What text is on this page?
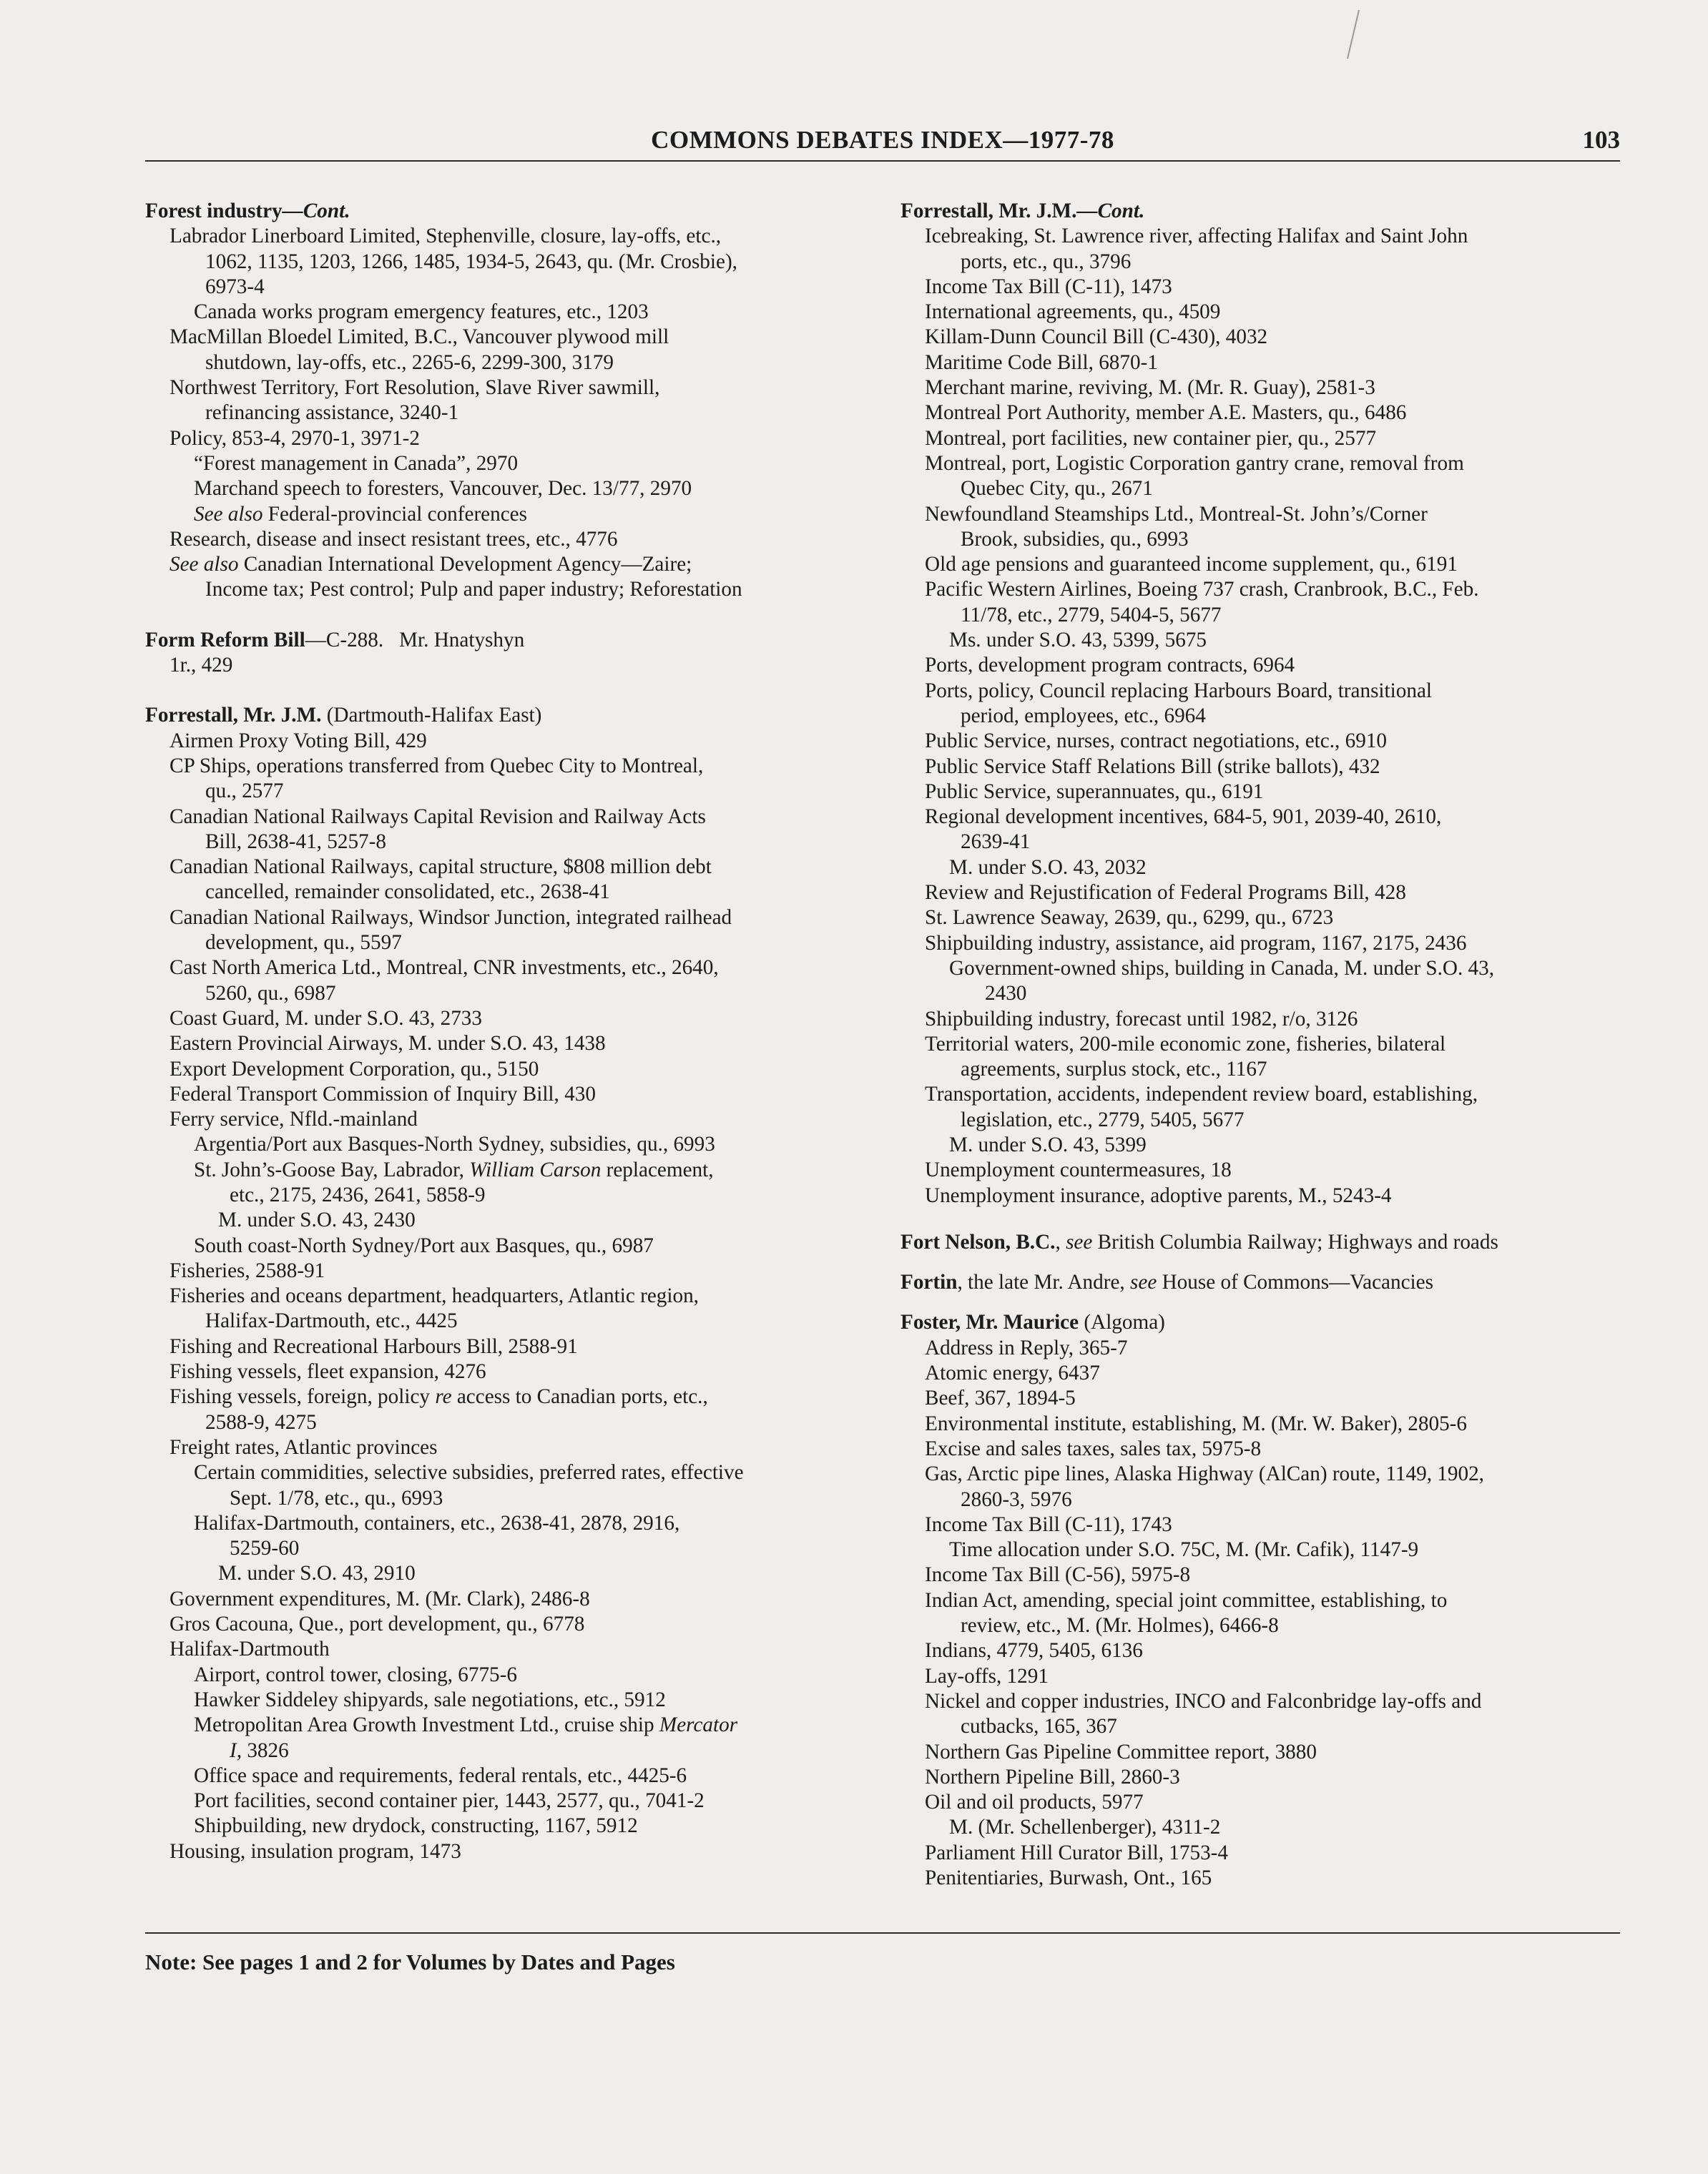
COMMONS DEBATES INDEX—1977-78	103
Forest industry—Cont.
Labrador Linerboard Limited, Stephenville, closure, lay-offs, etc.,
1062, 1135, 1203, 1266, 1485, 1934-5, 2643, qu. (Mr. Crosbie),
6973-4
Canada works program emergency features, etc., 1203
MacMillan Bloedel Limited, B.C., Vancouver plywood mill
shutdown, lay-offs, etc., 2265-6, 2299-300, 3179
Northwest Territory, Fort Resolution, Slave River sawmill,
refinancing assistance, 3240-1
Policy, 853-4, 2970-1, 3971-2
“Forest management in Canada”, 2970
Marchand speech to foresters, Vancouver, Dec. 13/77, 2970
See also Federal-provincial conferences
Research, disease and insect resistant trees, etc., 4776
See also Canadian International Development Agency—Zaire;
Income tax; Pest control; Pulp and paper industry; Reforestation
Form Reform Bill—C-288.   Mr. Hnatyshyn
1r., 429
Forrestall, Mr. J.M. (Dartmouth-Halifax East)
Airmen Proxy Voting Bill, 429
CP Ships, operations transferred from Quebec City to Montreal,
qu., 2577
Canadian National Railways Capital Revision and Railway Acts
Bill, 2638-41, 5257-8
Canadian National Railways, capital structure, $808 million debt
cancelled, remainder consolidated, etc., 2638-41
Canadian National Railways, Windsor Junction, integrated railhead
development, qu., 5597
Cast North America Ltd., Montreal, CNR investments, etc., 2640,
5260, qu., 6987
Coast Guard, M. under S.O. 43, 2733
Eastern Provincial Airways, M. under S.O. 43, 1438
Export Development Corporation, qu., 5150
Federal Transport Commission of Inquiry Bill, 430
Ferry service, Nfld.-mainland
Argentia/Port aux Basques-North Sydney, subsidies, qu., 6993
St. John’s-Goose Bay, Labrador, William Carson replacement,
etc., 2175, 2436, 2641, 5858-9
M. under S.O. 43, 2430
South coast-North Sydney/Port aux Basques, qu., 6987
Fisheries, 2588-91
Fisheries and oceans department, headquarters, Atlantic region,
Halifax-Dartmouth, etc., 4425
Fishing and Recreational Harbours Bill, 2588-91
Fishing vessels, fleet expansion, 4276
Fishing vessels, foreign, policy re access to Canadian ports, etc.,
2588-9, 4275
Freight rates, Atlantic provinces
Certain commidities, selective subsidies, preferred rates, effective
Sept. 1/78, etc., qu., 6993
Halifax-Dartmouth, containers, etc., 2638-41, 2878, 2916,
5259-60
M. under S.O. 43, 2910
Government expenditures, M. (Mr. Clark), 2486-8
Gros Cacouna, Que., port development, qu., 6778
Halifax-Dartmouth
Airport, control tower, closing, 6775-6
Hawker Siddeley shipyards, sale negotiations, etc., 5912
Metropolitan Area Growth Investment Ltd., cruise ship Mercator
I, 3826
Office space and requirements, federal rentals, etc., 4425-6
Port facilities, second container pier, 1443, 2577, qu., 7041-2
Shipbuilding, new drydock, constructing, 1167, 5912
Housing, insulation program, 1473
Forrestall, Mr. J.M.—Cont.
Icebreaking, St. Lawrence river, affecting Halifax and Saint John
ports, etc., qu., 3796
Income Tax Bill (C-11), 1473
International agreements, qu., 4509
Killam-Dunn Council Bill (C-430), 4032
Maritime Code Bill, 6870-1
Merchant marine, reviving, M. (Mr. R. Guay), 2581-3
Montreal Port Authority, member A.E. Masters, qu., 6486
Montreal, port facilities, new container pier, qu., 2577
Montreal, port, Logistic Corporation gantry crane, removal from
Quebec City, qu., 2671
Newfoundland Steamships Ltd., Montreal-St. John’s/Corner
Brook, subsidies, qu., 6993
Old age pensions and guaranteed income supplement, qu., 6191
Pacific Western Airlines, Boeing 737 crash, Cranbrook, B.C., Feb.
11/78, etc., 2779, 5404-5, 5677
Ms. under S.O. 43, 5399, 5675
Ports, development program contracts, 6964
Ports, policy, Council replacing Harbours Board, transitional
period, employees, etc., 6964
Public Service, nurses, contract negotiations, etc., 6910
Public Service Staff Relations Bill (strike ballots), 432
Public Service, superannuates, qu., 6191
Regional development incentives, 684-5, 901, 2039-40, 2610,
2639-41
M. under S.O. 43, 2032
Review and Rejustification of Federal Programs Bill, 428
St. Lawrence Seaway, 2639, qu., 6299, qu., 6723
Shipbuilding industry, assistance, aid program, 1167, 2175, 2436
Government-owned ships, building in Canada, M. under S.O. 43,
2430
Shipbuilding industry, forecast until 1982, r/o, 3126
Territorial waters, 200-mile economic zone, fisheries, bilateral
agreements, surplus stock, etc., 1167
Transportation, accidents, independent review board, establishing,
legislation, etc., 2779, 5405, 5677
M. under S.O. 43, 5399
Unemployment countermeasures, 18
Unemployment insurance, adoptive parents, M., 5243-4
Fort Nelson, B.C., see British Columbia Railway; Highways and roads
Fortin, the late Mr. Andre, see House of Commons—Vacancies
Foster, Mr. Maurice (Algoma)
Address in Reply, 365-7
Atomic energy, 6437
Beef, 367, 1894-5
Environmental institute, establishing, M. (Mr. W. Baker), 2805-6
Excise and sales taxes, sales tax, 5975-8
Gas, Arctic pipe lines, Alaska Highway (AlCan) route, 1149, 1902,
2860-3, 5976
Income Tax Bill (C-11), 1743
Time allocation under S.O. 75C, M. (Mr. Cafik), 1147-9
Income Tax Bill (C-56), 5975-8
Indian Act, amending, special joint committee, establishing, to
review, etc., M. (Mr. Holmes), 6466-8
Indians, 4779, 5405, 6136
Lay-offs, 1291
Nickel and copper industries, INCO and Falconbridge lay-offs and
cutbacks, 165, 367
Northern Gas Pipeline Committee report, 3880
Northern Pipeline Bill, 2860-3
Oil and oil products, 5977
M. (Mr. Schellenberger), 4311-2
Parliament Hill Curator Bill, 1753-4
Penitentiaries, Burwash, Ont., 165
Note: See pages 1 and 2 for Volumes by Dates and Pages
